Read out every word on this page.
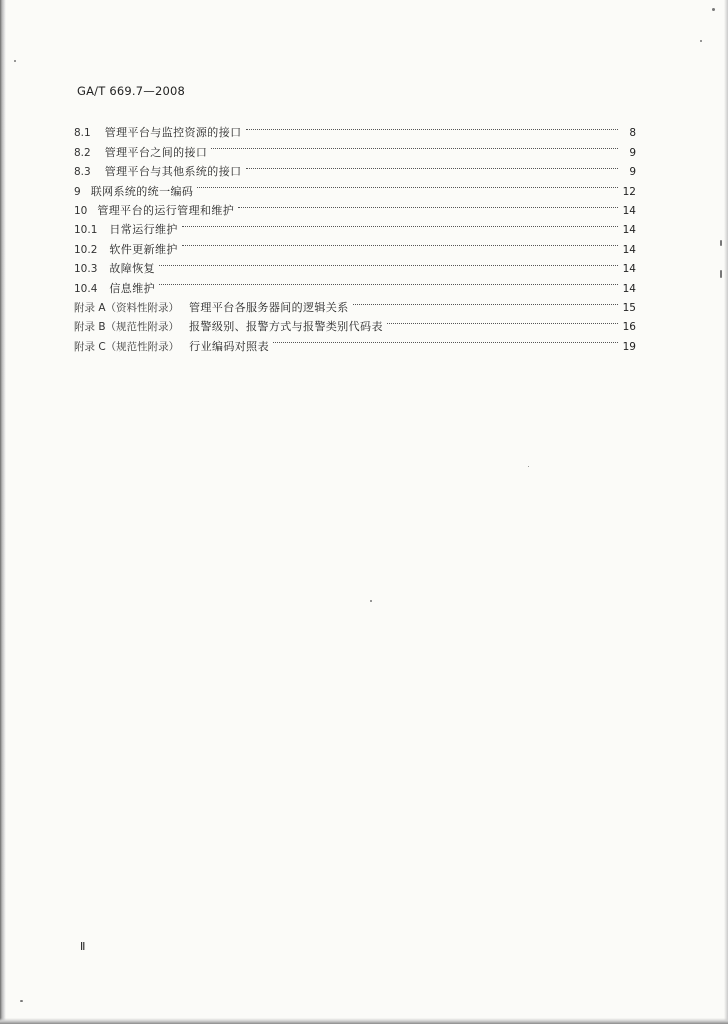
GA/T 669.7—2008
8.1 管理平台与监控资源的接口	8
8.2 管理平台之间的接口	9
8.3 管理平台与其他系统的接口	9
9 联网系统的统一编码	12
10 管理平台的运行管理和维护	14
10.1 日常运行维护	14
10.2 软件更新维护	14
10.3 故障恢复	14
10.4 信息维护	14
附录 A（资料性附录） 管理平台各服务器间的逻辑关系	15
附录 B（规范性附录） 报警级别、报警方式与报警类别代码表	16
附录 C（规范性附录） 行业编码对照表	19
Ⅱ
